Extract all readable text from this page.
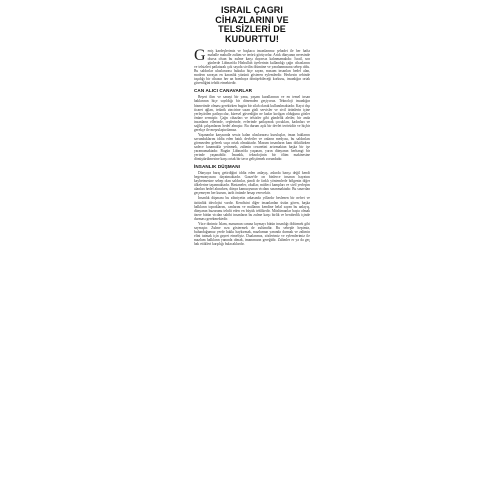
İSRAİL ÇAĞRI
CİHAZLARINI VE
TELSİZLERİ DE
KUDURTTU!

Geniş kardeşlerimiz ve başkaca insanlarımız şehadet ile her hafta mahalle mahalle zulüm ve terörü görüyorlar. Artık dünyanın neresinde olursa olsun bu zulme karşı duyarsız kalınmamalıdır. İsrail, son günlerde Lübnan'da Hizbullah üyelerinin kullandığı çağrı cihazlarını ve telsizleri patlatarak çok sayıda sivilin ölümüne ve yaralanmasına sebep oldu. Bu saldırılar uluslararası hukuku hiçe sayan, masum insanları hedef alan, modern savaşın en karanlık yüzünü gösteren eylemlerdir. Herkesin cebinde taşıdığı bir cihazın her an bombaya dönüşebileceği korkusu, insanlığın ortak güvenliğini tehdit etmektedir.

CAN ALICI CANAVARLAR

Beşeri ilim ve sanayi bir yana, yaşam kurallarının ve en temel insan haklarının hiçe sayıldığı bir dönemden geçiyoruz. Teknoloji insanlığın hizmetinde olması gerekirken bugün bir silah olarak kullanılmaktadır. Kayıt dışı ticaret ağları, tedarik zincirine sızan gizli servisler ve sivil ürünlerin içine yerleştirilen patlayıcılar, küresel güvenliğin ne kadar kırılgan olduğunu gözler önüne sermiştir. Çağrı cihazları ve telsizler gibi gündelik aletler, bir anda insanların ellerinde, ceplerinde, evlerinde patlayarak çocukları, kadınları ve sağlık çalışanlarını hedef almıştır. Bu durum açık bir devlet terörüdür ve hiçbir gerekçe ile meşrulaştırılamaz.

Yaşananlar karşısında sessiz kalan uluslararası kuruluşlar, insan haklarını savunduklarını iddia eden batılı devletler ve onların medyası, bu saldırıları görmezden gelerek suça ortak olmaktadır. Masum insanların kanı dökülürken sadece kınamakla yetinmek, zalimin cesaretini artırmaktan başka bir işe yaramamaktadır. Bugün Lübnan'da yaşanan, yarın dünyanın herhangi bir yerinde yaşanabilir. İnsanlık, teknolojinin bir ölüm makinesine dönüştürülmesine karşı ortak bir tavır geliştirmek zorundadır.

İNSANLIK DÜŞMANI

Dünyaya barış getirdiğini iddia eden anlayış, aslında barışı değil kendi hegemonyasını dayatmaktadır. Gazze'de on binlerce insanın hayatını kaybetmesine sebep olan saldırılar, şimdi de farklı yöntemlerle bölgenin diğer ülkelerine taşınmaktadır. Hastaneler, okullar, mülteci kampları ve sivil yerleşim alanları hedef alınırken, dünya kamuoyunun vicdanı sınanmaktadır. Bu sınavdan geçemeyen her kurum, tarih önünde hesap verecektir.

İnsanlık düşmanı bu zihniyetin arkasında yıllardır beslenen bir nefret ve üstünlük ideolojisi vardır. Kendisini diğer insanlardan üstün gören, başka halkların topraklarını, canlarını ve mallarını kendine helal sayan bu anlayış, dünyanın huzurunu tehdit eden en büyük tehlikedir. Müslümanlar başta olmak üzere bütün vicdan sahibi insanların bu zulme karşı birlik ve beraberlik içinde durması gerekmektedir.

Yüce dinimiz İslam, masumun canına kıymayı bütün insanlığı öldürmek gibi saymıştır. Zulme rıza göstermek de zulümdür. Bu sebeple hepimiz, bulunduğumuz yerde hakkı haykırmak, mazlumun yanında durmak ve zalimin elini tutmak için gayret etmeliyiz. Dualarımız, sözlerimiz ve eylemlerimiz ile mazlum halkların yanında olmak, imanımızın gereğidir. Zalimler er ya da geç hak ettikleri karşılığı bulacaklardır.
